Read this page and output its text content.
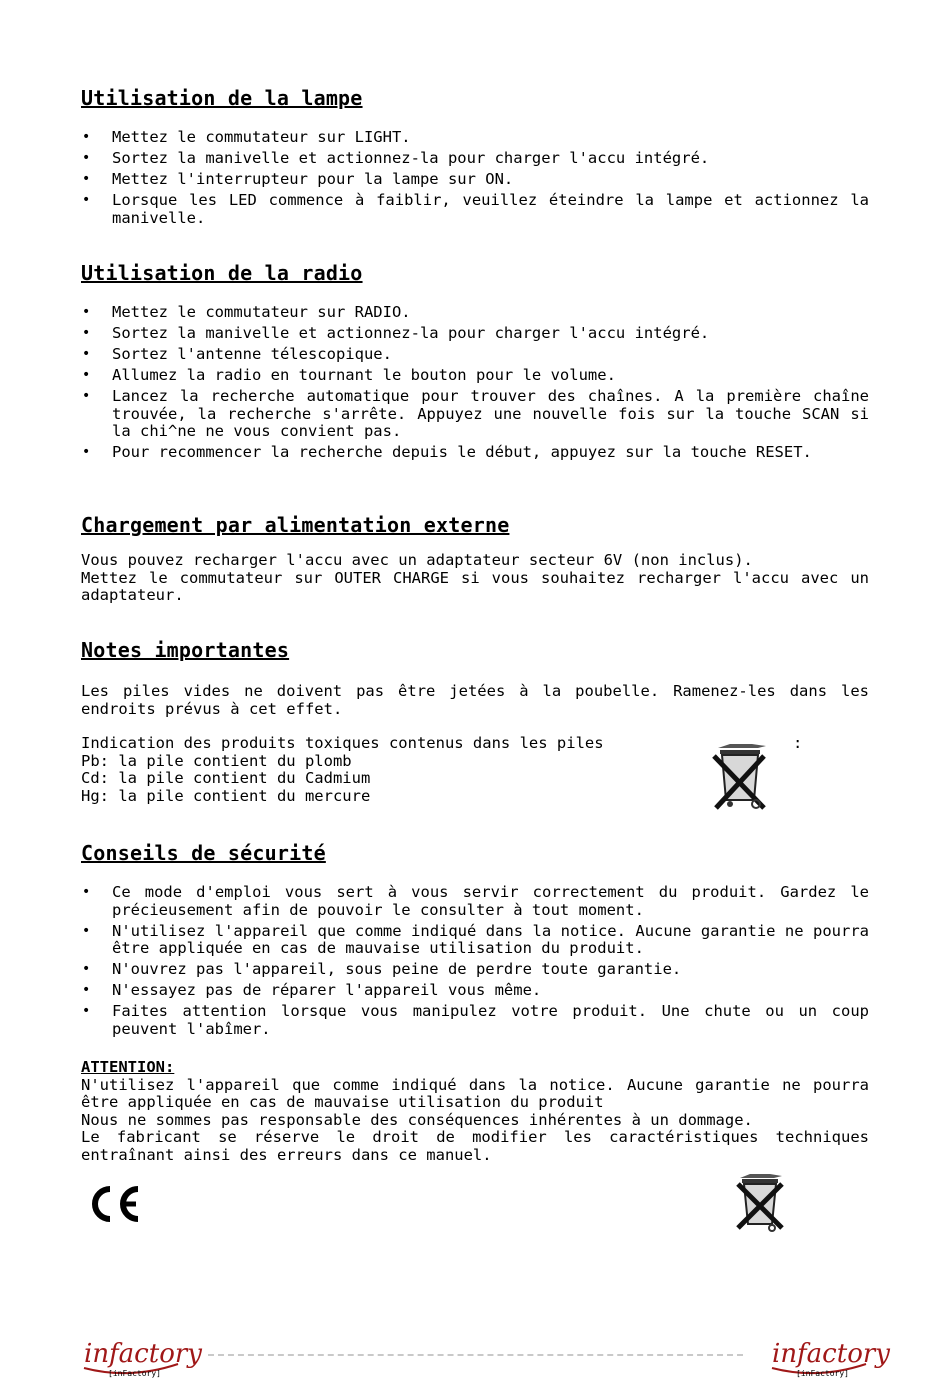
Utilisation de la lampe
• Mettez le commutateur sur LIGHT.
• Sortez la manivelle et actionnez-la pour charger l'accu intégré.
• Mettez l'interrupteur pour la lampe sur ON.
• Lorsque les LED commence à faiblir, veuillez éteindre la lampe et actionnez la manivelle.
Utilisation de la radio
• Mettez le commutateur sur RADIO.
• Sortez la manivelle et actionnez-la pour charger l'accu intégré.
• Sortez l'antenne télescopique.
• Allumez la radio en tournant le bouton pour le volume.
• Lancez la recherche automatique pour trouver des chaînes. A la première chaîne trouvée, la recherche s'arrête. Appuyez une nouvelle fois sur la touche SCAN si la chi^ne ne vous convient pas.
• Pour recommencer la recherche depuis le début, appuyez sur la touche RESET.
Chargement par alimentation externe
Vous pouvez recharger l'accu avec un adaptateur secteur 6V (non inclus).
Mettez le commutateur sur OUTER CHARGE si vous souhaitez recharger l'accu avec un adaptateur.
Notes importantes
Les piles vides ne doivent pas être jetées à la poubelle. Ramenez-les dans les endroits prévus à cet effet.
Indication des produits toxiques contenus dans les piles
Pb: la pile contient du plomb
Cd: la pile contient du Cadmium
Hg: la pile contient du mercure
:
Conseils de sécurité
• Ce mode d'emploi vous sert à vous servir correctement du produit. Gardez le précieusement afin de pouvoir le consulter à tout moment.
• N'utilisez l'appareil que comme indiqué dans la notice. Aucune garantie ne pourra être appliquée en cas de mauvaise utilisation du produit.
• N'ouvrez pas l'appareil, sous peine de perdre toute garantie.
• N'essayez pas de réparer l'appareil vous même.
• Faites attention lorsque vous manipulez votre produit. Une chute ou un coup peuvent l'abîmer.
ATTENTION:
N'utilisez l'appareil que comme indiqué dans la notice. Aucune garantie ne pourra être appliquée en cas de mauvaise utilisation du produit
Nous ne sommes pas responsable des conséquences inhérentes à un dommage.
Le fabricant se réserve le droit de modifier les caractéristiques techniques entraînant ainsi des erreurs dans ce manuel.
infactory
[inFactory]
infactory
[inFactory]
